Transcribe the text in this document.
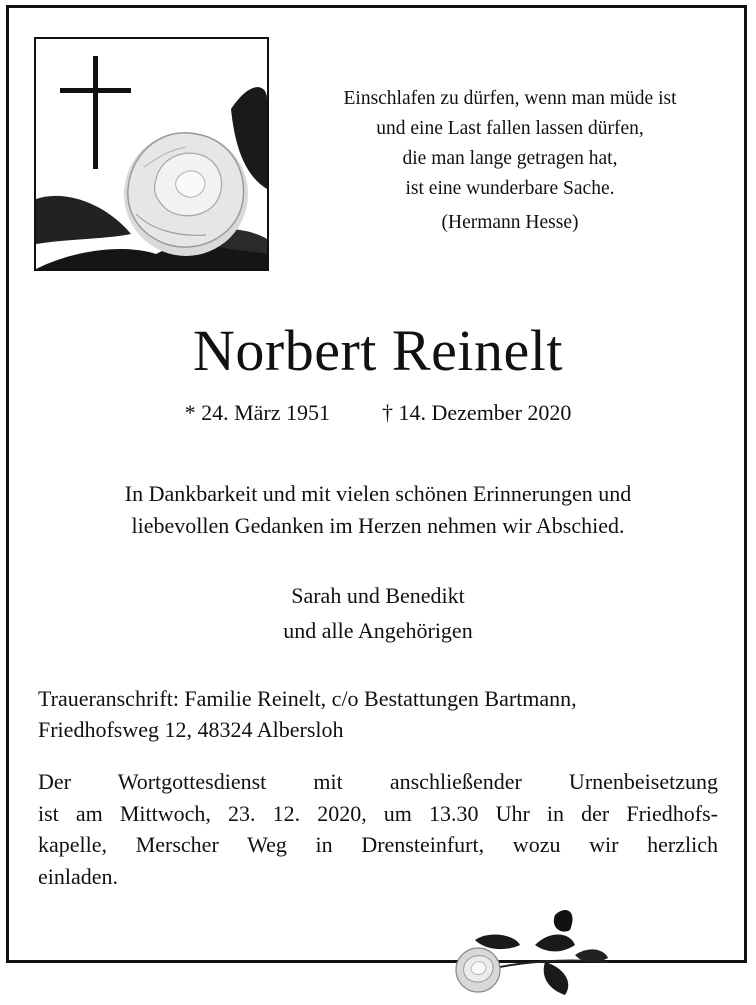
Einschlafen zu dürfen, wenn man müde ist
und eine Last fallen lassen dürfen,
die man lange getragen hat,
ist eine wunderbare Sache.
(Hermann Hesse)
Norbert Reinelt
* 24. März 1951 † 14. Dezember 2020
In Dankbarkeit und mit vielen schönen Erinnerungen und
liebevollen Gedanken im Herzen nehmen wir Abschied.
Sarah und Benedikt
und alle Angehörigen
Traueranschrift: Familie Reinelt, c/o Bestattungen Bartmann,
Friedhofsweg 12, 48324 Albersloh
Der Wortgottesdienst mit anschließender Urnenbeisetzung
ist am Mittwoch, 23. 12. 2020, um 13.30 Uhr in der Friedhofs-
kapelle, Merscher Weg in Drensteinfurt, wozu wir herzlich
einladen.
